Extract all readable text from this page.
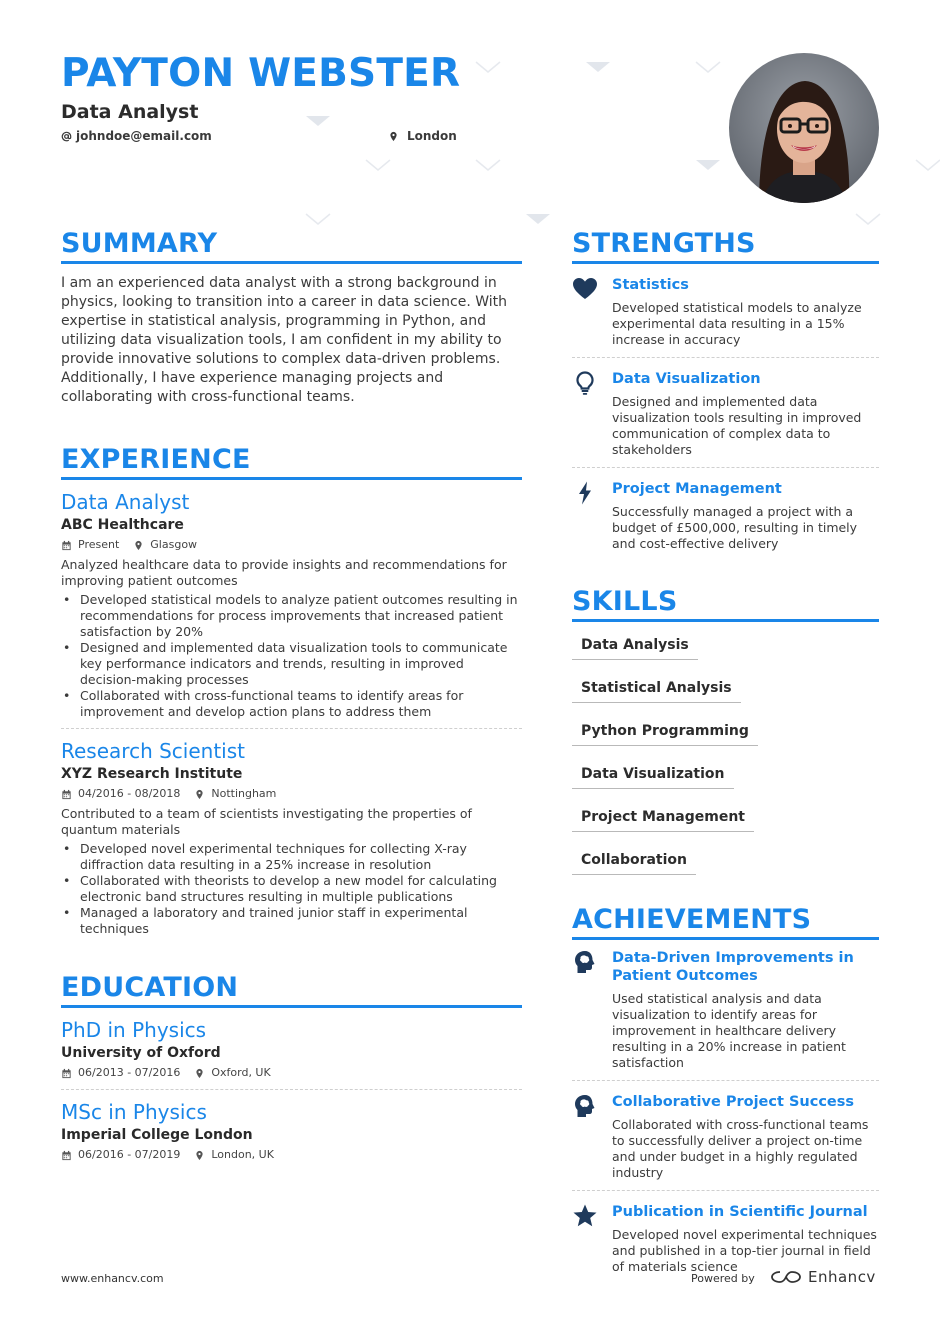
PAYTON WEBSTER
Data Analyst
johndoe@email.com	London
SUMMARY

I am an experienced data analyst with a strong background in physics, looking to transition into a career in data science. With expertise in statistical analysis, programming in Python, and utilizing data visualization tools, I am confident in my ability to provide innovative solutions to complex data-driven problems. Additionally, I have experience managing projects and collaborating with cross-functional teams.

EXPERIENCE
Data Analyst
ABC Healthcare
Present	Glasgow

Analyzed healthcare data to provide insights and recommendations for improving patient outcomes

• Developed statistical models to analyze patient outcomes resulting in recommendations for process improvements that increased patient satisfaction by 20%
• Designed and implemented data visualization tools to communicate key performance indicators and trends, resulting in improved decision-making processes
• Collaborated with cross-functional teams to identify areas for improvement and develop action plans to address them
Research Scientist
XYZ Research Institute
04/2016 - 08/2018	Nottingham

Contributed to a team of scientists investigating the properties of quantum materials

• Developed novel experimental techniques for collecting X-ray diffraction data resulting in a 25% increase in resolution
• Collaborated with theorists to develop a new model for calculating electronic band structures resulting in multiple publications
• Managed a laboratory and trained junior staff in experimental techniques
EDUCATION
PhD in Physics
University of Oxford
06/2013 - 07/2016	Oxford, UK
MSc in Physics
Imperial College London
06/2016 - 07/2019	London, UK
STRENGTHS
Statistics
Developed statistical models to analyze experimental data resulting in a 15% increase in accuracy
Data Visualization
Designed and implemented data visualization tools resulting in improved communication of complex data to stakeholders
Project Management
Successfully managed a project with a budget of £500,000, resulting in timely and cost-effective delivery
SKILLS
Data Analysis
Statistical Analysis
Python Programming
Data Visualization
Project Management
Collaboration
ACHIEVEMENTS
Data-Driven Improvements in Patient Outcomes
Used statistical analysis and data visualization to identify areas for improvement in healthcare delivery resulting in a 20% increase in patient satisfaction
Collaborative Project Success
Collaborated with cross-functional teams to successfully deliver a project on-time and under budget in a highly regulated industry
Publication in Scientific Journal
Developed novel experimental techniques and published in a top-tier journal in field of materials science
www.enhancv.com	Powered by	Enhancv
